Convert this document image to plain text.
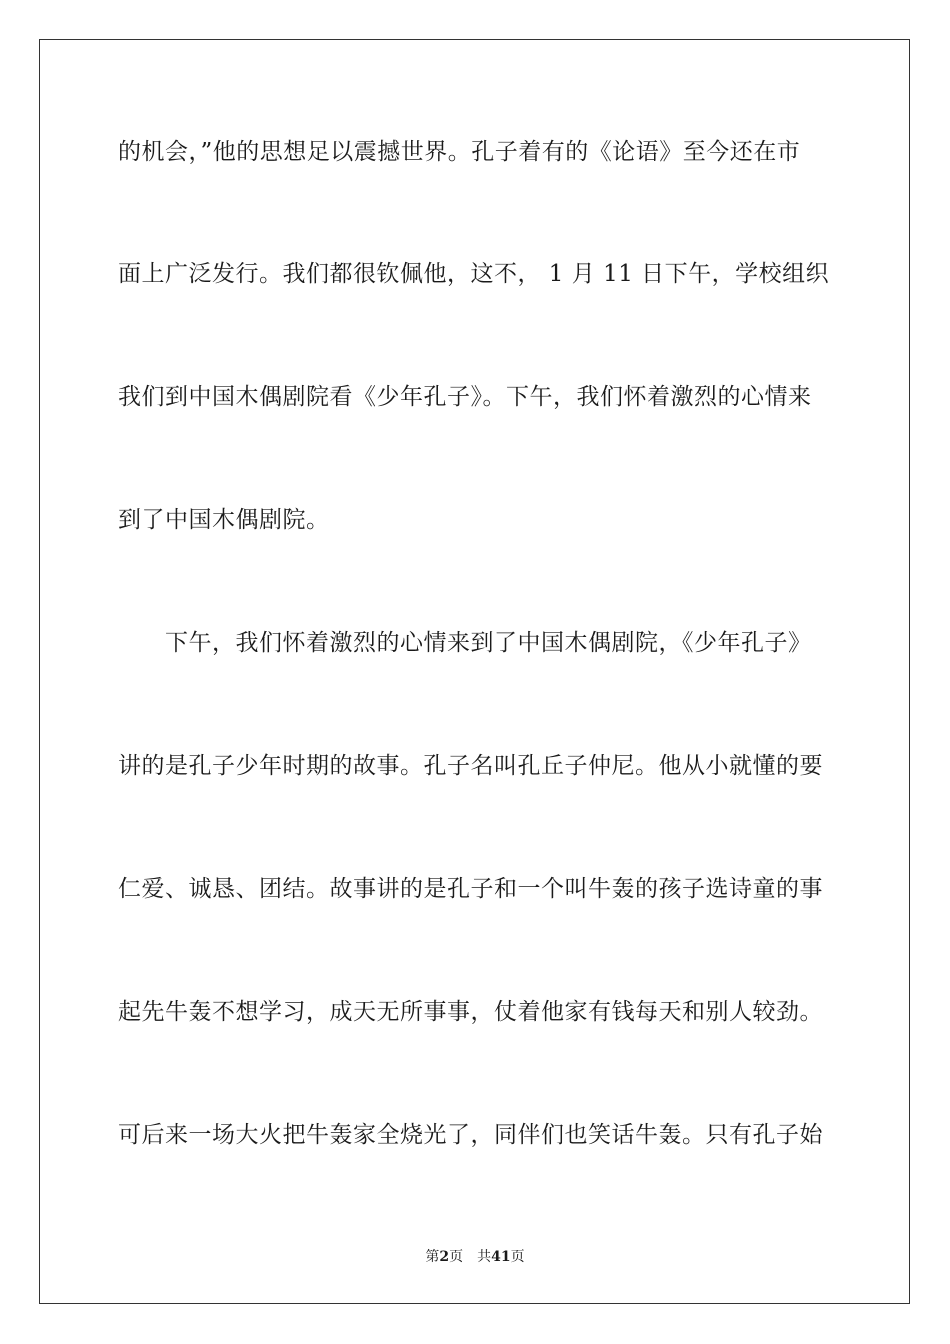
的机会，”他的思想足以震撼世界。孔子着有的《论语》至今还在市
面上广泛发行。我们都很钦佩他，这不， 1 月 11 日下午，学校组织
我们到中国木偶剧院看《少年孔子》。下午，我们怀着激烈的心情来
到了中国木偶剧院。
下午，我们怀着激烈的心情来到了中国木偶剧院，《少年孔子》
讲的是孔子少年时期的故事。孔子名叫孔丘子仲尼。他从小就懂的要
仁爱、诚恳、团结。故事讲的是孔子和一个叫牛轰的孩子选诗童的事
起先牛轰不想学习，成天无所事事，仗着他家有钱每天和别人较劲。
可后来一场大火把牛轰家全烧光了，同伴们也笑话牛轰。只有孔子始
第2页 共41页
